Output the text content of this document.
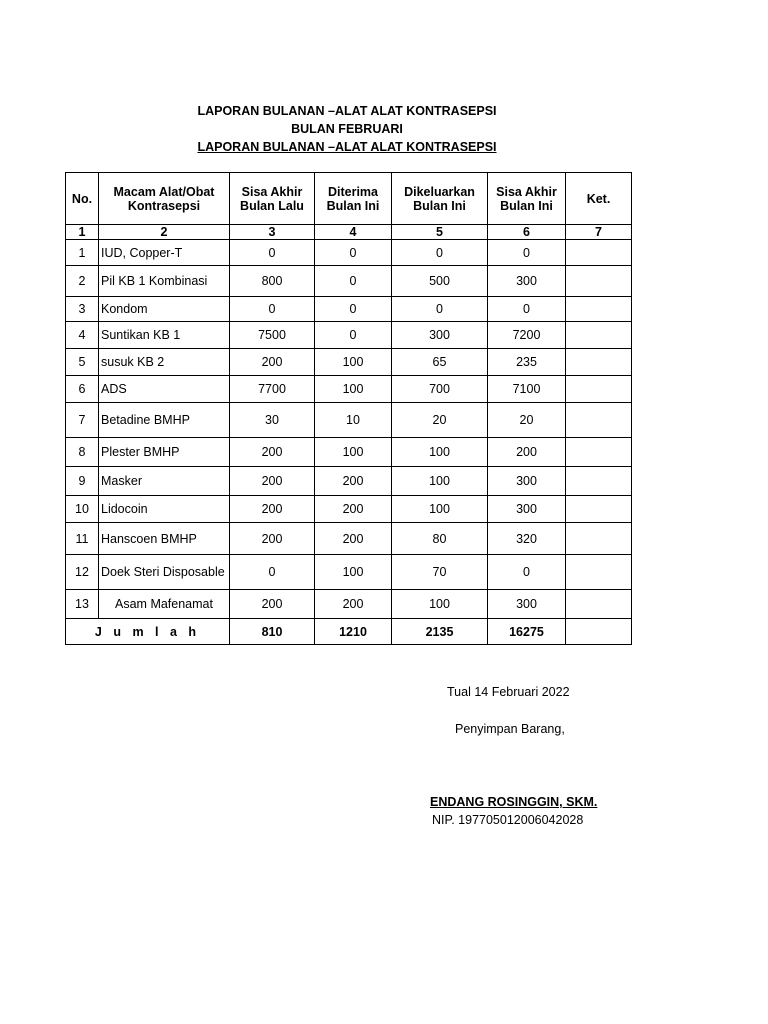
LAPORAN BULANAN –ALAT ALAT KONTRASEPSI
BULAN FEBRUARI
LAPORAN BULANAN –ALAT ALAT KONTRASEPSI
No.	Macam Alat/Obat Kontrasepsi	Sisa Akhir Bulan Lalu	Diterima Bulan Ini	Dikeluarkan Bulan Ini	Sisa Akhir Bulan Ini	Ket.
1	2	3	4	5	6	7
1	IUD, Copper-T	0	0	0	0	
2	Pil KB 1 Kombinasi	800	0	500	300	
3	Kondom	0	0	0	0	
4	Suntikan KB 1	7500	0	300	7200	
5	susuk KB 2	200	100	65	235	
6	ADS	7700	100	700	7100	
7	Betadine BMHP	30	10	20	20	
8	Plester BMHP	200	100	100	200	
9	Masker	200	200	100	300	
10	Lidocoin	200	200	100	300	
11	Hanscoen BMHP	200	200	80	320	
12	Doek Steri Disposable	0	100	70	0	
13	Asam Mafenamat	200	200	100	300	
J u m l a h		810	1210	2135	16275	
Tual 14 Februari 2022
Penyimpan Barang,
ENDANG ROSINGGIN, SKM.
NIP. 197705012006042028
